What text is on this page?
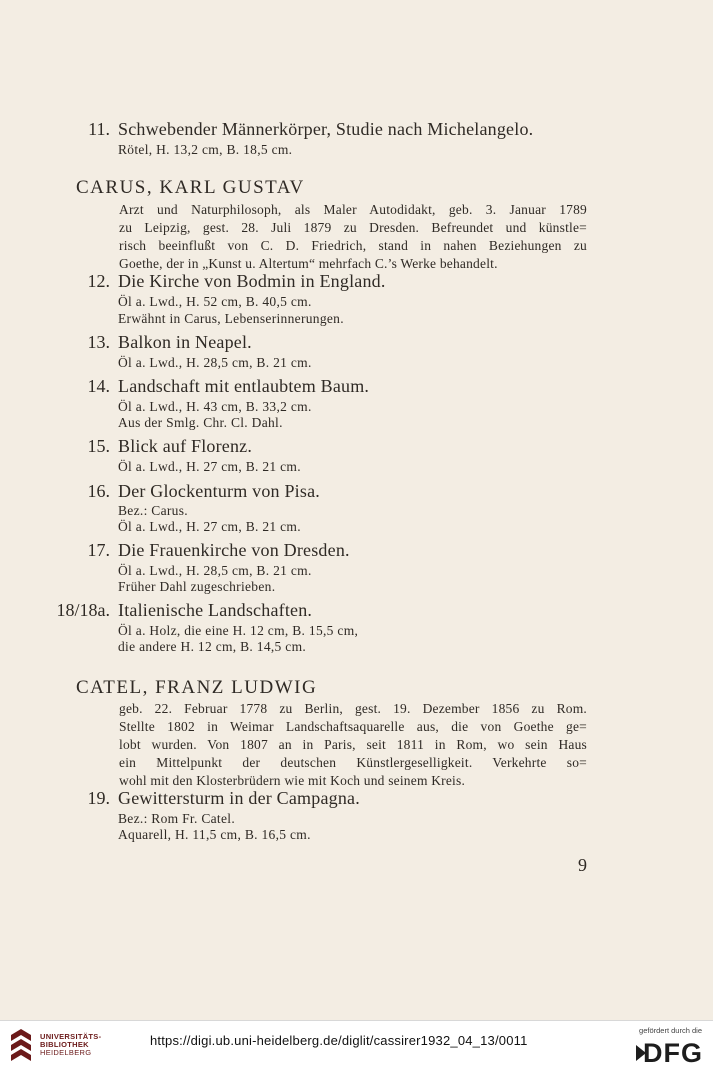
11. Schwebender Männerkörper, Studie nach Michelangelo.
Rötel, H. 13,2 cm, B. 18,5 cm.
CARUS, KARL GUSTAV
Arzt und Naturphilosoph, als Maler Autodidakt, geb. 3. Januar 1789
zu Leipzig, gest. 28. Juli 1879 zu Dresden. Befreundet und künstle=
risch beeinflußt von C. D. Friedrich, stand in nahen Beziehungen zu
Goethe, der in „Kunst u. Altertum“ mehrfach C.’s Werke behandelt.
12. Die Kirche von Bodmin in England.
Öl a. Lwd., H. 52 cm, B. 40,5 cm.
Erwähnt in Carus, Lebenserinnerungen.
13. Balkon in Neapel.
Öl a. Lwd., H. 28,5 cm, B. 21 cm.
14. Landschaft mit entlaubtem Baum.
Öl a. Lwd., H. 43 cm, B. 33,2 cm.
Aus der Smlg. Chr. Cl. Dahl.
15. Blick auf Florenz.
Öl a. Lwd., H. 27 cm, B. 21 cm.
16. Der Glockenturm von Pisa.
Bez.: Carus.
Öl a. Lwd., H. 27 cm, B. 21 cm.
17. Die Frauenkirche von Dresden.
Öl a. Lwd., H. 28,5 cm, B. 21 cm.
Früher Dahl zugeschrieben.
18/18a. Italienische Landschaften.
Öl a. Holz, die eine H. 12 cm, B. 15,5 cm,
die andere H. 12 cm, B. 14,5 cm.
CATEL, FRANZ LUDWIG
geb. 22. Februar 1778 zu Berlin, gest. 19. Dezember 1856 zu Rom.
Stellte 1802 in Weimar Landschaftsaquarelle aus, die von Goethe ge=
lobt wurden. Von 1807 an in Paris, seit 1811 in Rom, wo sein Haus
ein Mittelpunkt der deutschen Künstlergeselligkeit. Verkehrte so=
wohl mit den Klosterbrüdern wie mit Koch und seinem Kreis.
19. Gewittersturm in der Campagna.
Bez.: Rom Fr. Catel.
Aquarell, H. 11,5 cm, B. 16,5 cm.
9
UNIVERSITÄTS-
BIBLIOTHEK
HEIDELBERG
https://digi.ub.uni-heidelberg.de/diglit/cassirer1932_04_13/0011
gefördert durch die
DFG
